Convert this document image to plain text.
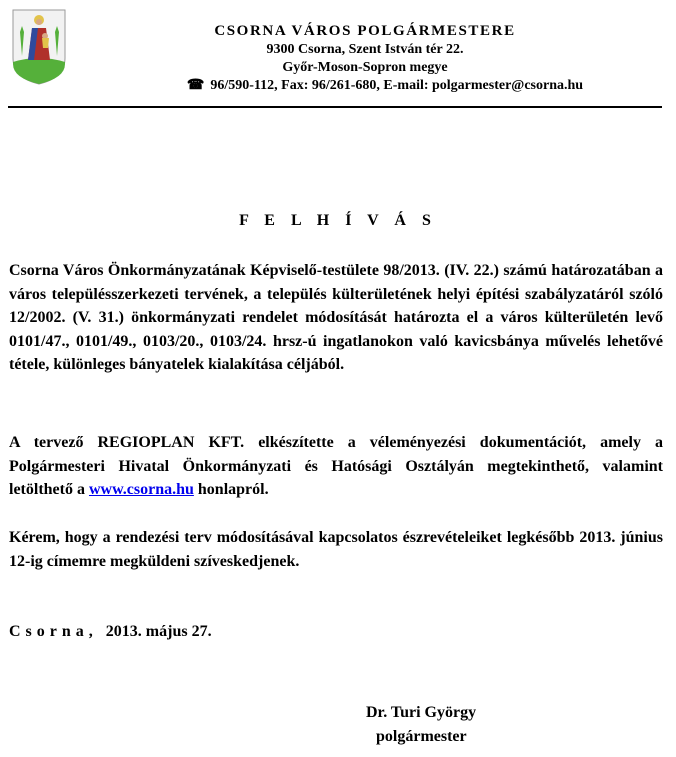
CSORNA VÁROS POLGÁRMESTERE
9300 Csorna, Szent István tér 22.
Győr-Moson-Sopron megye
☎ 96/590-112, Fax: 96/261-680, E-mail: polgarmester@csorna.hu
F E L H Í V Á S

Csorna Város Önkormányzatának Képviselő-testülete 98/2013. (IV. 22.) számú határozatában a város településszerkezeti tervének, a település külterületének helyi építési szabályzatáról szóló 12/2002. (V. 31.) önkormányzati rendelet módosítását határozta el a város külterületén levő 0101/47., 0101/49., 0103/20., 0103/24. hrsz-ú ingatlanokon való kavicsbánya művelés lehetővé tétele, különleges bányatelek kialakítása céljából.

A tervező REGIOPLAN KFT. elkészítette a véleményezési dokumentációt, amely a Polgármesteri Hivatal Önkormányzati és Hatósági Osztályán megtekinthető, valamint letölthető a www.csorna.hu honlapról.

Kérem, hogy a rendezési terv módosításával kapcsolatos észrevételeiket legkésőbb 2013. június 12-ig címemre megküldeni szíveskedjenek.

Csorna, 2013. május 27.
Dr. Turi György
polgármester
